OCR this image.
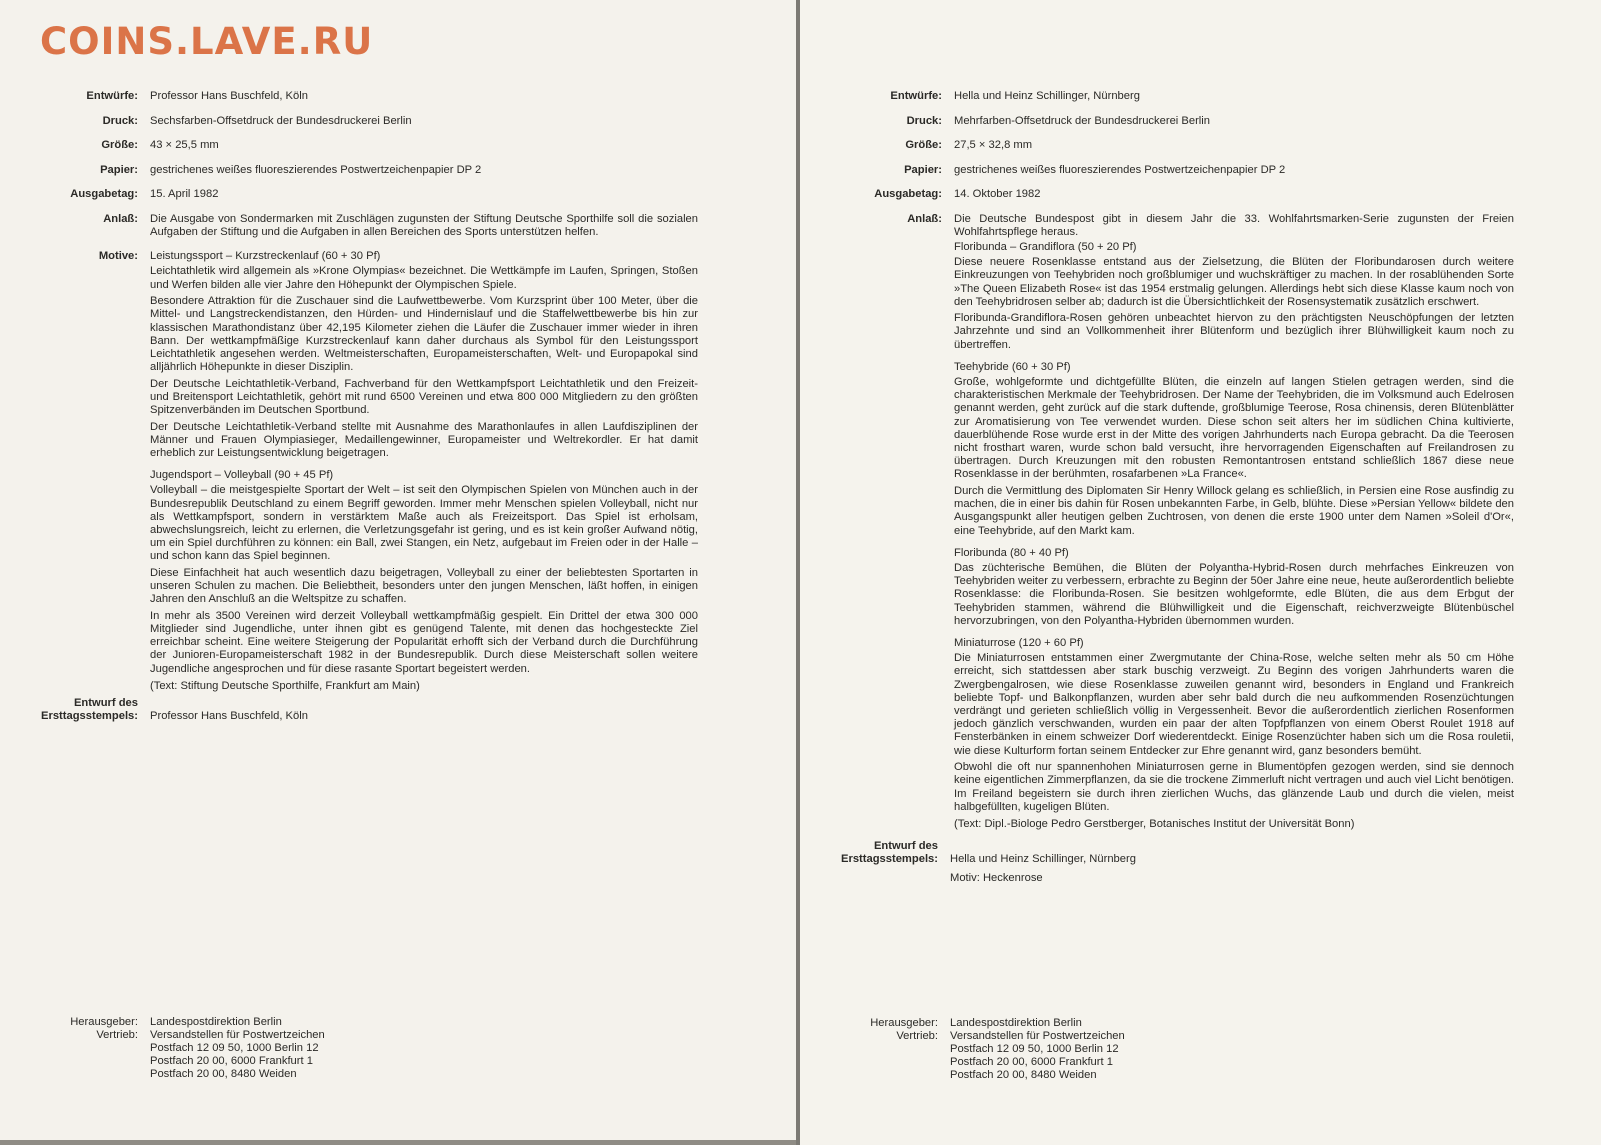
COINS.LAVE.RU
Entwürfe:	Professor Hans Buschfeld, Köln
Druck:	Sechsfarben-Offsetdruck der Bundesdruckerei Berlin
Größe:	43 × 25,5 mm
Papier:	gestrichenes weißes fluoreszierendes Postwertzeichenpapier DP 2
Ausgabetag:	15. April 1982
Anlaß:	Die Ausgabe von Sondermarken mit Zuschlägen zugunsten der Stiftung Deutsche Sporthilfe soll die sozialen Aufgaben der Stiftung und die Aufgaben in allen Bereichen des Sports unterstützen helfen.
Motive:	Leistungssport – Kurzstreckenlauf (60 + 30 Pf)
Leichtathletik wird allgemein als »Krone Olympias« bezeichnet. Die Wettkämpfe im Laufen, Springen, Stoßen und Werfen bilden alle vier Jahre den Höhepunkt der Olympischen Spiele.
Besondere Attraktion für die Zuschauer sind die Laufwettbewerbe. Vom Kurzsprint über 100 Meter, über die Mittel- und Langstreckendistanzen, den Hürden- und Hindernislauf und die Staffelwettbewerbe bis hin zur klassischen Marathondistanz über 42,195 Kilometer ziehen die Läufer die Zuschauer immer wieder in ihren Bann. Der wettkampfmäßige Kurzstreckenlauf kann daher durchaus als Symbol für den Leistungssport Leichtathletik angesehen werden. Weltmeisterschaften, Europameisterschaften, Welt- und Europapokal sind alljährlich Höhepunkte in dieser Disziplin.
Der Deutsche Leichtathletik-Verband, Fachverband für den Wettkampfsport Leichtathletik und den Freizeit- und Breitensport Leichtathletik, gehört mit rund 6500 Vereinen und etwa 800 000 Mitgliedern zu den größten Spitzenverbänden im Deutschen Sportbund.
Der Deutsche Leichtathletik-Verband stellte mit Ausnahme des Marathonlaufes in allen Laufdisziplinen der Männer und Frauen Olympiasieger, Medaillengewinner, Europameister und Weltrekordler. Er hat damit erheblich zur Leistungsentwicklung beigetragen.
Jugendsport – Volleyball (90 + 45 Pf)
Volleyball – die meistgespielte Sportart der Welt – ist seit den Olympischen Spielen von München auch in der Bundesrepublik Deutschland zu einem Begriff geworden. Immer mehr Menschen spielen Volleyball, nicht nur als Wettkampfsport, sondern in verstärktem Maße auch als Freizeitsport. Das Spiel ist erholsam, abwechslungsreich, leicht zu erlernen, die Verletzungsgefahr ist gering, und es ist kein großer Aufwand nötig, um ein Spiel durchführen zu können: ein Ball, zwei Stangen, ein Netz, aufgebaut im Freien oder in der Halle – und schon kann das Spiel beginnen.
Diese Einfachheit hat auch wesentlich dazu beigetragen, Volleyball zu einer der beliebtesten Sportarten in unseren Schulen zu machen. Die Beliebtheit, besonders unter den jungen Menschen, läßt hoffen, in einigen Jahren den Anschluß an die Weltspitze zu schaffen.
In mehr als 3500 Vereinen wird derzeit Volleyball wettkampfmäßig gespielt. Ein Drittel der etwa 300 000 Mitglieder sind Jugendliche, unter ihnen gibt es genügend Talente, mit denen das hochgesteckte Ziel erreichbar scheint. Eine weitere Steigerung der Popularität erhofft sich der Verband durch die Durchführung der Junioren-Europameisterschaft 1982 in der Bundesrepublik. Durch diese Meisterschaft sollen weitere Jugendliche angesprochen und für diese rasante Sportart begeistert werden.
(Text: Stiftung Deutsche Sporthilfe, Frankfurt am Main)
Entwurf des
Ersttagsstempels: Professor Hans Buschfeld, Köln
Herausgeber:	Landespostdirektion Berlin
Vertrieb:	Versandstellen für Postwertzeichen
Postfach 12 09 50, 1000 Berlin 12
Postfach 20 00, 6000 Frankfurt 1
Postfach 20 00, 8480 Weiden
Entwürfe:	Hella und Heinz Schillinger, Nürnberg
Druck:	Mehrfarben-Offsetdruck der Bundesdruckerei Berlin
Größe:	27,5 × 32,8 mm
Papier:	gestrichenes weißes fluoreszierendes Postwertzeichenpapier DP 2
Ausgabetag:	14. Oktober 1982
Anlaß:	Die Deutsche Bundespost gibt in diesem Jahr die 33. Wohlfahrtsmarken-Serie zugunsten der Freien Wohlfahrtspflege heraus.
Floribunda – Grandiflora (50 + 20 Pf)
Diese neuere Rosenklasse entstand aus der Zielsetzung, die Blüten der Floribundarosen durch weitere Einkreuzungen von Teehybriden noch großblumiger und wuchskräftiger zu machen. In der rosablühenden Sorte »The Queen Elizabeth Rose« ist das 1954 erstmalig gelungen. Allerdings hebt sich diese Klasse kaum noch von den Teehybridrosen selber ab; dadurch ist die Übersichtlichkeit der Rosensystematik zusätzlich erschwert.
Floribunda-Grandiflora-Rosen gehören unbeachtet hiervon zu den prächtigsten Neuschöpfungen der letzten Jahrzehnte und sind an Vollkommenheit ihrer Blütenform und bezüglich ihrer Blühwilligkeit kaum noch zu übertreffen.
Teehybride (60 + 30 Pf)
Große, wohlgeformte und dichtgefüllte Blüten, die einzeln auf langen Stielen getragen werden, sind die charakteristischen Merkmale der Teehybridrosen. Der Name der Teehybriden, die im Volksmund auch Edelrosen genannt werden, geht zurück auf die stark duftende, großblumige Teerose, Rosa chinensis, deren Blütenblätter zur Aromatisierung von Tee verwendet wurden. Diese schon seit alters her im südlichen China kultivierte, dauerblühende Rose wurde erst in der Mitte des vorigen Jahrhunderts nach Europa gebracht. Da die Teerosen nicht frosthart waren, wurde schon bald versucht, ihre hervorragenden Eigenschaften auf Freilandrosen zu übertragen. Durch Kreuzungen mit den robusten Remontantrosen entstand schließlich 1867 diese neue Rosenklasse in der berühmten, rosafarbenen »La France«.
Durch die Vermittlung des Diplomaten Sir Henry Willock gelang es schließlich, in Persien eine Rose ausfindig zu machen, die in einer bis dahin für Rosen unbekannten Farbe, in Gelb, blühte. Diese »Persian Yellow« bildete den Ausgangspunkt aller heutigen gelben Zuchtrosen, von denen die erste 1900 unter dem Namen »Soleil d'Or«, eine Teehybride, auf den Markt kam.
Floribunda (80 + 40 Pf)
Das züchterische Bemühen, die Blüten der Polyantha-Hybrid-Rosen durch mehrfaches Einkreuzen von Teehybriden weiter zu verbessern, erbrachte zu Beginn der 50er Jahre eine neue, heute außerordentlich beliebte Rosenklasse: die Floribunda-Rosen. Sie besitzen wohlgeformte, edle Blüten, die aus dem Erbgut der Teehybriden stammen, während die Blühwilligkeit und die Eigenschaft, reichverzweigte Blütenbüschel hervorzubringen, von den Polyantha-Hybriden übernommen wurden.
Miniaturrose (120 + 60 Pf)
Die Miniaturrosen entstammen einer Zwergmutante der China-Rose, welche selten mehr als 50 cm Höhe erreicht, sich stattdessen aber stark buschig verzweigt. Zu Beginn des vorigen Jahrhunderts waren die Zwergbengalrosen, wie diese Rosenklasse zuweilen genannt wird, besonders in England und Frankreich beliebte Topf- und Balkonpflanzen, wurden aber sehr bald durch die neu aufkommenden Rosenzüchtungen verdrängt und gerieten schließlich völlig in Vergessenheit. Bevor die außerordentlich zierlichen Rosenformen jedoch gänzlich verschwanden, wurden ein paar der alten Topfpflanzen von einem Oberst Roulet 1918 auf Fensterbänken in einem schweizer Dorf wiederentdeckt. Einige Rosenzüchter haben sich um die Rosa rouletii, wie diese Kulturform fortan seinem Entdecker zur Ehre genannt wird, ganz besonders bemüht.
Obwohl die oft nur spannenhohen Miniaturrosen gerne in Blumentöpfen gezogen werden, sind sie dennoch keine eigentlichen Zimmerpflanzen, da sie die trockene Zimmerluft nicht vertragen und auch viel Licht benötigen. Im Freiland begeistern sie durch ihren zierlichen Wuchs, das glänzende Laub und durch die vielen, meist halbgefüllten, kugeligen Blüten.
(Text: Dipl.-Biologe Pedro Gerstberger, Botanisches Institut der Universität Bonn)
Entwurf des
Ersttagsstempels: Hella und Heinz Schillinger, Nürnberg
Motiv: Heckenrose
Herausgeber:	Landespostdirektion Berlin
Vertrieb:	Versandstellen für Postwertzeichen
Postfach 12 09 50, 1000 Berlin 12
Postfach 20 00, 6000 Frankfurt 1
Postfach 20 00, 8480 Weiden
